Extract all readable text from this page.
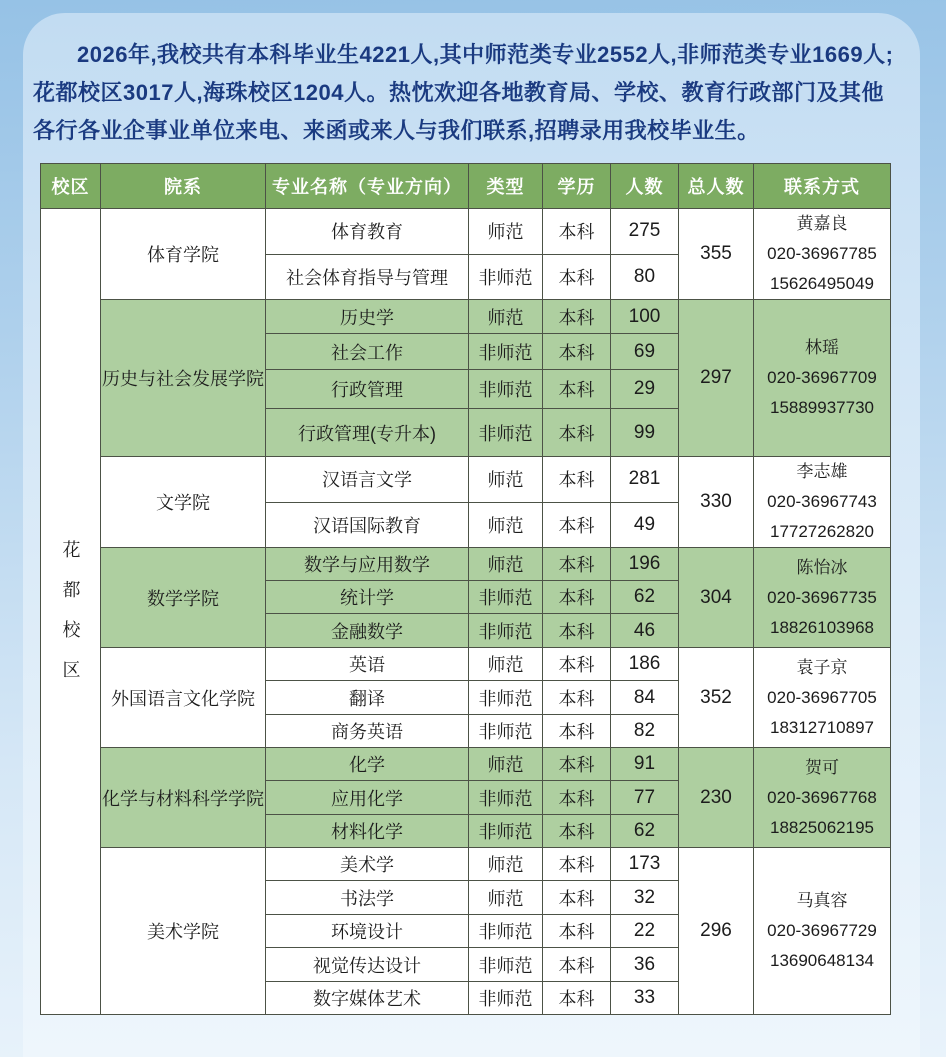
2026年,我校共有本科毕业生4221人,其中师范类专业2552人,非师范类专业1669人;花都校区3017人,海珠校区1204人。热忱欢迎各地教育局、学校、教育行政部门及其他各行各业企事业单位来电、来函或来人与我们联系,招聘录用我校毕业生。

校区	院系	专业名称（专业方向）	类型	学历	人数	总人数	联系方式
花都校区	体育学院	体育教育	师范	本科	275	355	黄嘉良
020-36967785
15626495049

		社会体育指导与管理	非师范	本科	80		
	历史与社会发展学院	历史学	师范	本科	100	297	林瑶
020-36967709
15889937730

		社会工作	非师范	本科	69		
		行政管理	非师范	本科	29		
		行政管理(专升本)	非师范	本科	99		
	文学院	汉语言文学	师范	本科	281	330	李志雄
020-36967743
17727262820

		汉语国际教育	师范	本科	49		
	数学学院	数学与应用数学	师范	本科	196	304	陈怡冰
020-36967735
18826103968

		统计学	非师范	本科	62		
		金融数学	非师范	本科	46		
	外国语言文化学院	英语	师范	本科	186	352	袁子京
020-36967705
18312710897

		翻译	非师范	本科	84		
		商务英语	非师范	本科	82		
	化学与材料科学学院	化学	师范	本科	91	230	贺可
020-36967768
18825062195

		应用化学	非师范	本科	77		
		材料化学	非师范	本科	62		
	美术学院	美术学	师范	本科	173	296	马真容
020-36967729
13690648134

		书法学	师范	本科	32		
		环境设计	非师范	本科	22		
		视觉传达设计	非师范	本科	36		
		数字媒体艺术	非师范	本科	33		
